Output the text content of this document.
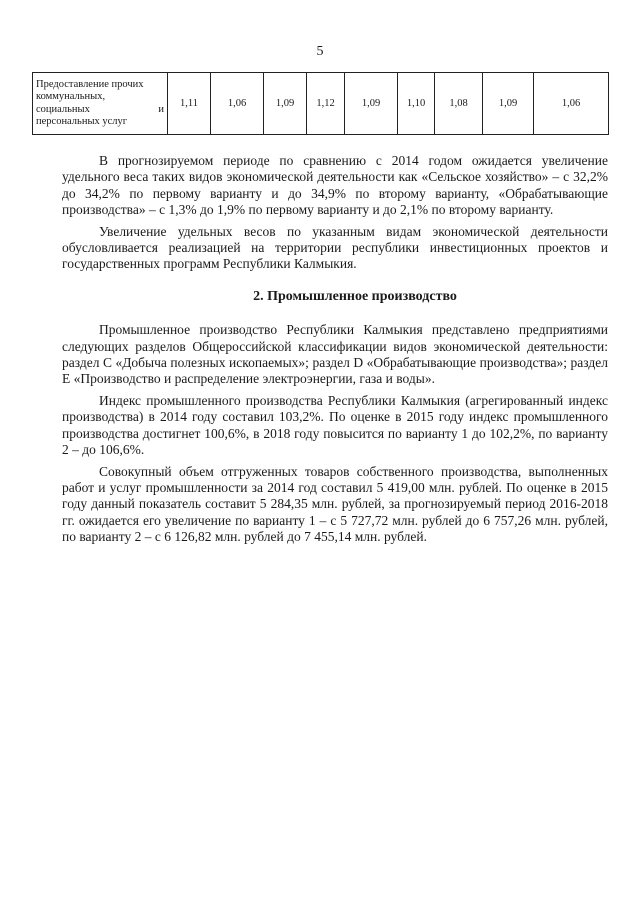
5
Предоставление прочих
коммунальных,

социальных	и
персональных услуг	1,11	1,06	1,09	1,12	1,09	1,10	1,08	1,09	1,06

В прогнозируемом периоде по сравнению с 2014 годом ожидается увеличение удельного веса таких видов экономической деятельности как «Сельское хозяйство» – с 32,2% до 34,2% по первому варианту и до 34,9% по второму варианту, «Обрабатывающие производства» – с 1,3% до 1,9% по первому варианту и до 2,1% по второму варианту.

Увеличение удельных весов по указанным видам экономической деятельности обусловливается реализацией на территории республики инвестиционных проектов и государственных программ Республики Калмыкия.

2. Промышленное производство

Промышленное производство Республики Калмыкия представлено предприятиями следующих разделов Общероссийской классификации видов экономической деятельности: раздел С «Добыча полезных ископаемых»; раздел D «Обрабатывающие производства»; раздел Е «Производство и распределение электроэнергии, газа и воды».

Индекс промышленного производства Республики Калмыкия (агрегированный индекс производства) в 2014 году составил 103,2%. По оценке в 2015 году индекс промышленного производства достигнет 100,6%, в 2018 году повысится по варианту 1 до 102,2%, по варианту 2 – до 106,6%.

Совокупный объем отгруженных товаров собственного производства, выполненных работ и услуг промышленности за 2014 год составил 5 419,00 млн. рублей. По оценке в 2015 году данный показатель составит 5 284,35 млн. рублей, за прогнозируемый период 2016-2018 гг. ожидается его увеличение по варианту 1 – с 5 727,72 млн. рублей до 6 757,26 млн. рублей, по варианту 2 – с 6 126,82 млн. рублей до 7 455,14 млн. рублей.
